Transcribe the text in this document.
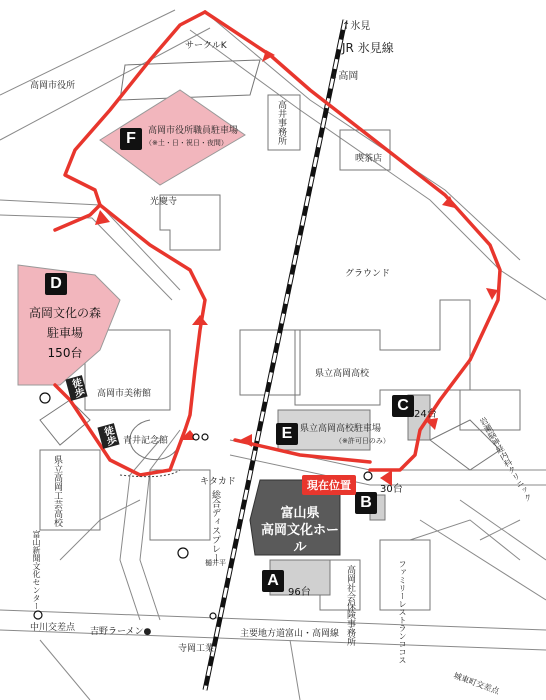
↑氷見
JR 氷見線
↓高岡
サークルK
高岡市役所
高岡市役所職員駐車場
（※土・日・祝日・夜間）
光慶寺
高井事務所
喫茶店
グラウンド
高岡市美術館
青井記念館
県立高岡高校
県立高岡高校駐車場
（※許可日のみ）	岩瀬脳神経内科クリニック
県立高岡工芸高校
富山新聞文化センター
キタカド
総合ディスプレー
樋井平
高岡社会保険事務所	ファミリーレストランココス
中川交差点 吉野ラーメン●	主要地方道富山・高岡線
寺岡工業
城東町交差点
高岡文化の森
駐車場
150台
富山県
高岡文化ホール
F
D
E
C
B
A
24台
30台
96台
現在位置
徒歩
徒歩
